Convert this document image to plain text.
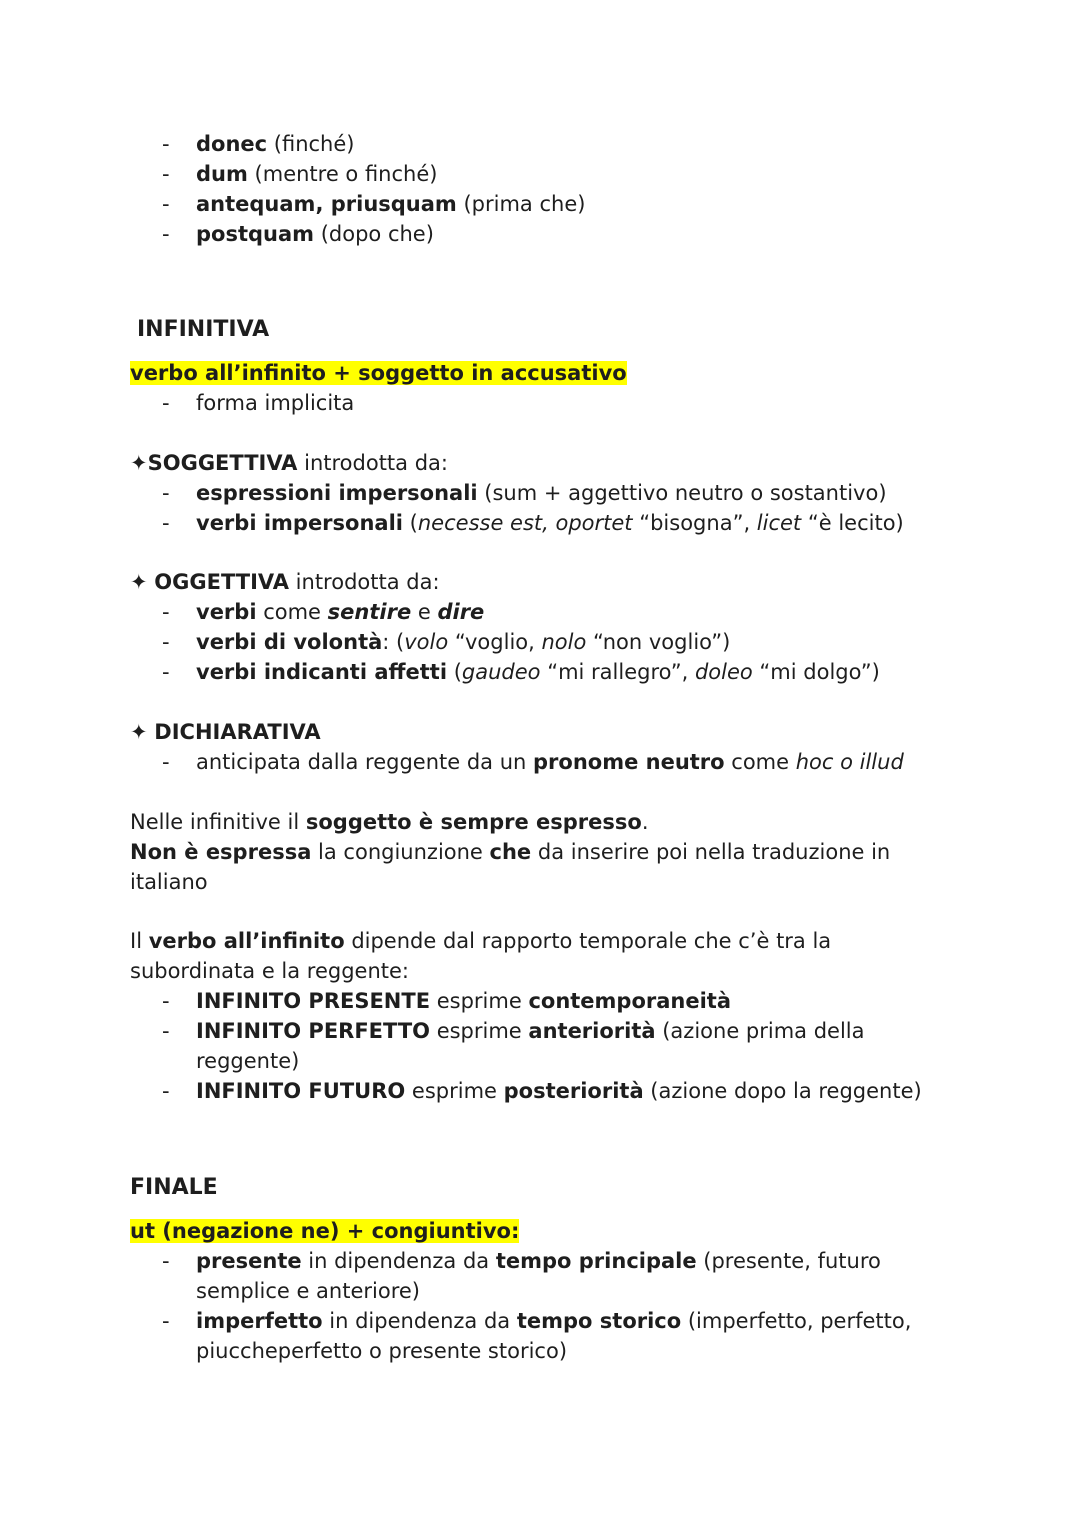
- donec (finché)
- dum (mentre o finché)
- antequam, priusquam (prima che)
- postquam (dopo che)
INFINITIVA
verbo all’infinito + soggetto in accusativo
- forma implicita
✦SOGGETTIVA introdotta da:
- espressioni impersonali (sum + aggettivo neutro o sostantivo)
- verbi impersonali (necesse est, oportet “bisogna”, licet “è lecito)
✦ OGGETTIVA introdotta da:
- verbi come sentire e dire
- verbi di volontà: (volo “voglio, nolo “non voglio”)
- verbi indicanti affetti (gaudeo “mi rallegro”, doleo “mi dolgo”)
✦ DICHIARATIVA
- anticipata dalla reggente da un pronome neutro come hoc o illud
Nelle infinitive il soggetto è sempre espresso.
Non è espressa la congiunzione che da inserire poi nella traduzione in
italiano
Il verbo all’infinito dipende dal rapporto temporale che c’è tra la
subordinata e la reggente:
- INFINITO PRESENTE esprime contemporaneità
- INFINITO PERFETTO esprime anteriorità (azione prima della
reggente)
- INFINITO FUTURO esprime posteriorità (azione dopo la reggente)
FINALE
ut (negazione ne) + congiuntivo:
- presente in dipendenza da tempo principale (presente, futuro
semplice e anteriore)
- imperfetto in dipendenza da tempo storico (imperfetto, perfetto,
piuccheperfetto o presente storico)
